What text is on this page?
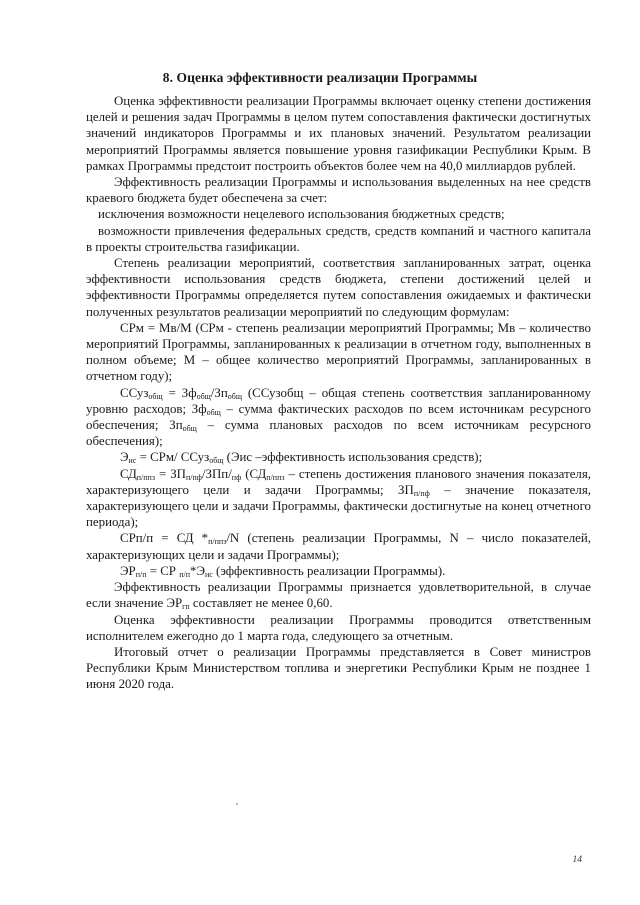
8. Оценка эффективности реализации Программы

Оценка эффективности реализации Программы включает оценку степени достижения целей и решения задач Программы в целом путем сопоставления фактически достигнутых значений индикаторов Программы и их плановых значений. Результатом реализации мероприятий Программы является повышение уровня газификации Республики Крым. В рамках Программы предстоит построить объектов более чем на 40,0 миллиардов рублей.

Эффективность реализации Программы и использования выделенных на нее средств краевого бюджета будет обеспечена за счет:

исключения возможности нецелевого использования бюджетных средств;

возможности привлечения федеральных средств, средств компаний и частного капитала в проекты строительства газификации.

Степень реализации мероприятий, соответствия запланированных затрат, оценка эффективности использования средств бюджета, степени достижений целей и эффективности Программы определяется путем сопоставления ожидаемых и фактически полученных результатов реализации мероприятий по следующим формулам:

СРм = Мв/М (СРм - степень реализации мероприятий Программы; Мв – количество мероприятий Программы, запланированных к реализации в отчетном году, выполненных в полном объеме; М – общее количество мероприятий Программы, запланированных в отчетном году);

ССуз$_{общ}$ = $Зф_{общ}/Зп_{общ}$ (ССузобщ – общая степень соответствия запланированному уровню расходов; $Зф_{общ}$ – сумма фактических расходов по всем источникам ресурсного обеспечения; $Зп_{общ}$ – сумма плановых расходов по всем источникам ресурсного обеспечения);

$Э_{ис} = СРм/$ ССуз$_{общ}$ (Эис –эффективность использования средств);

$СД_{п/ппз} = ЗП_{п/пф}/ЗПп/_{пф}$ ($СД_{п/ппз}$ – степень достижения планового значения показателя, характеризующего цели и задачи Программы; $ЗП_{п/пф}$ – значение показателя, характеризующего цели и задачи Программы, фактически достигнутые на конец отчетного периода);

СРп/п = СД $*_{п/ппз}/N$ (степень реализации Программы, N – число показателей, характеризующих цели и задачи Программы);

$ЭР_{п/п}$ = СР $_{п/п}*Э_{ис}$ (эффективность реализации Программы).

Эффективность реализации Программы признается удовлетворительной, в случае если значение $ЭР_{гп}$ составляет не менее 0,60.

Оценка эффективности реализации Программы проводится ответственным исполнителем ежегодно до 1 марта года, следующего за отчетным.

Итоговый отчет о реализации Программы представляется в Совет министров Республики Крым Министерством топлива и энергетики Республики Крым не позднее 1 июня 2020 года.

14
